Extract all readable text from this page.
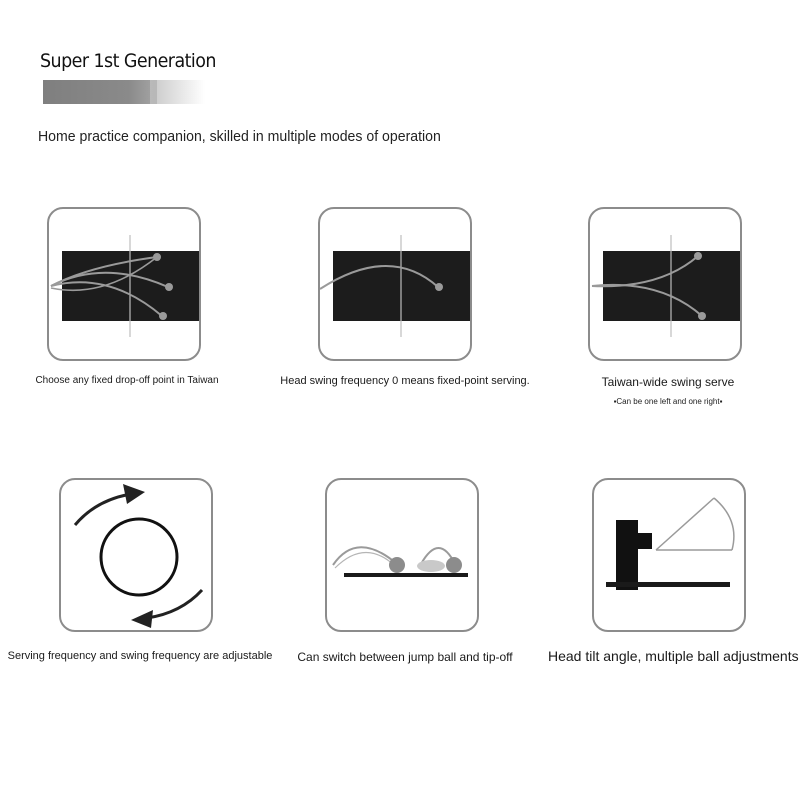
Super 1st Generation
Home practice companion, skilled in multiple modes of operation
Choose any fixed drop-off point in Taiwan	Head swing frequency 0 means fixed-point serving.	Taiwan-wide swing serve
▪Can be one left and one right▪
Serving frequency and swing frequency are adjustable	Can switch between jump ball and tip-off	Head tilt angle, multiple ball adjustments
